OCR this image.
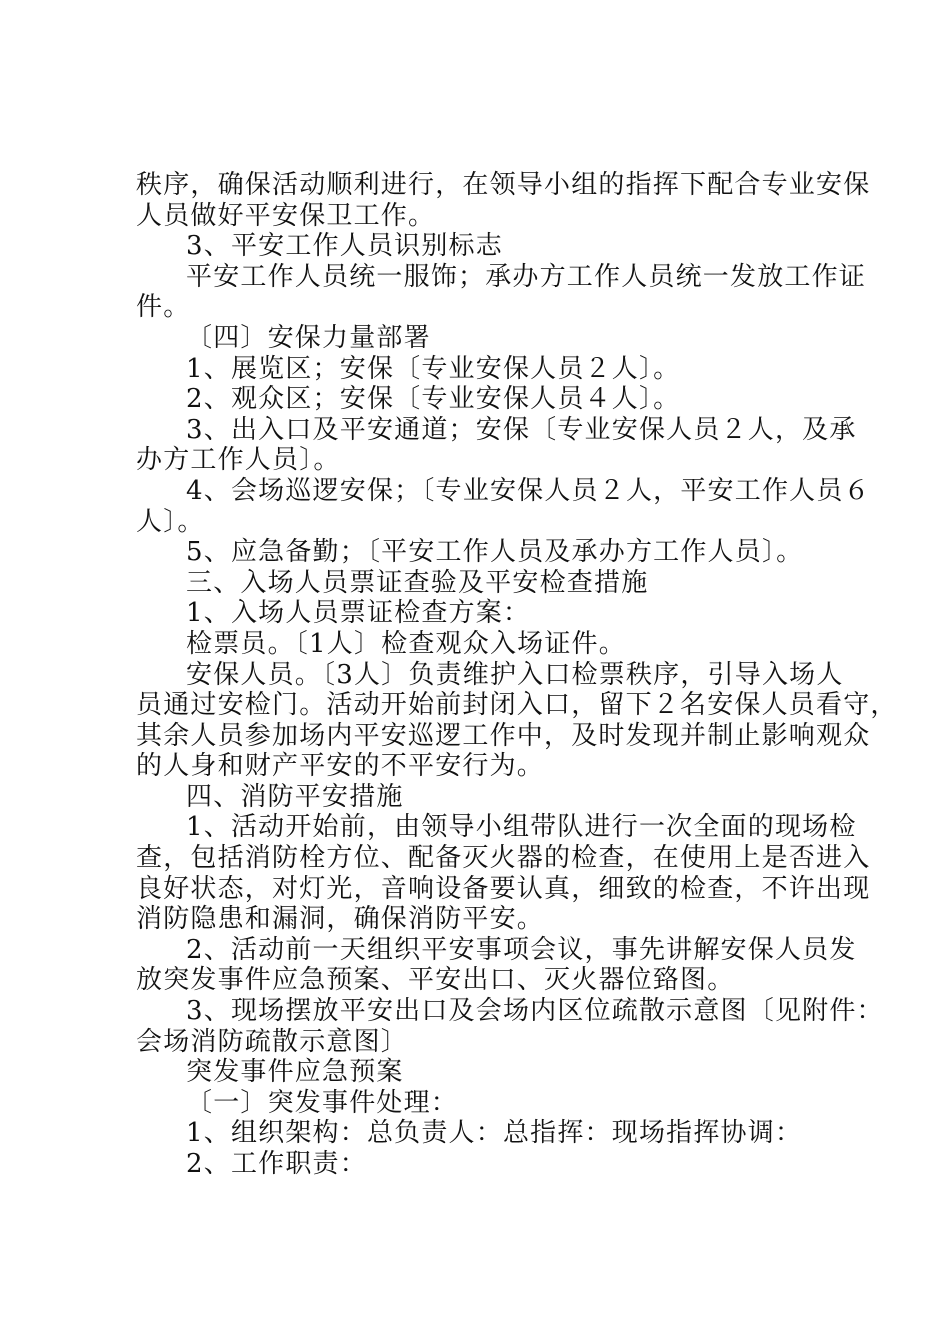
秩序，确保活动顺利进行，在领导小组的指挥下配合专业安保
人员做好平安保卫工作。
3、平安工作人员识别标志
平安工作人员统一服饰；承办方工作人员统一发放工作证
件。
〔四〕安保力量部署
1、展览区；安保〔专业安保人员２人〕。
2、观众区；安保〔专业安保人员４人〕。
3、出入口及平安通道；安保〔专业安保人员２人，及承
办方工作人员〕。
4、会场巡逻安保；〔专业安保人员２人，平安工作人员６
人〕。
5、应急备勤；〔平安工作人员及承办方工作人员〕。
三、入场人员票证查验及平安检查措施
1、入场人员票证检查方案：
检票员。〔1人〕检查观众入场证件。
安保人员。〔3人〕负责维护入口检票秩序，引导入场人
员通过安检门。活动开始前封闭入口，留下２名安保人员看守，
其余人员参加场内平安巡逻工作中，及时发现并制止影响观众
的人身和财产平安的不平安行为。
四、消防平安措施
1、活动开始前，由领导小组带队进行一次全面的现场检
查，包括消防栓方位、配备灭火器的检查，在使用上是否进入
良好状态，对灯光，音响设备要认真，细致的检查，不许出现
消防隐患和漏洞，确保消防平安。
2、活动前一天组织平安事项会议，事先讲解安保人员发
放突发事件应急预案、平安出口、灭火器位臵图。
3、现场摆放平安出口及会场内区位疏散示意图〔见附件：
会场消防疏散示意图〕
突发事件应急预案
〔一〕突发事件处理：
1、组织架构：总负责人：总指挥：现场指挥协调：
2、工作职责：
